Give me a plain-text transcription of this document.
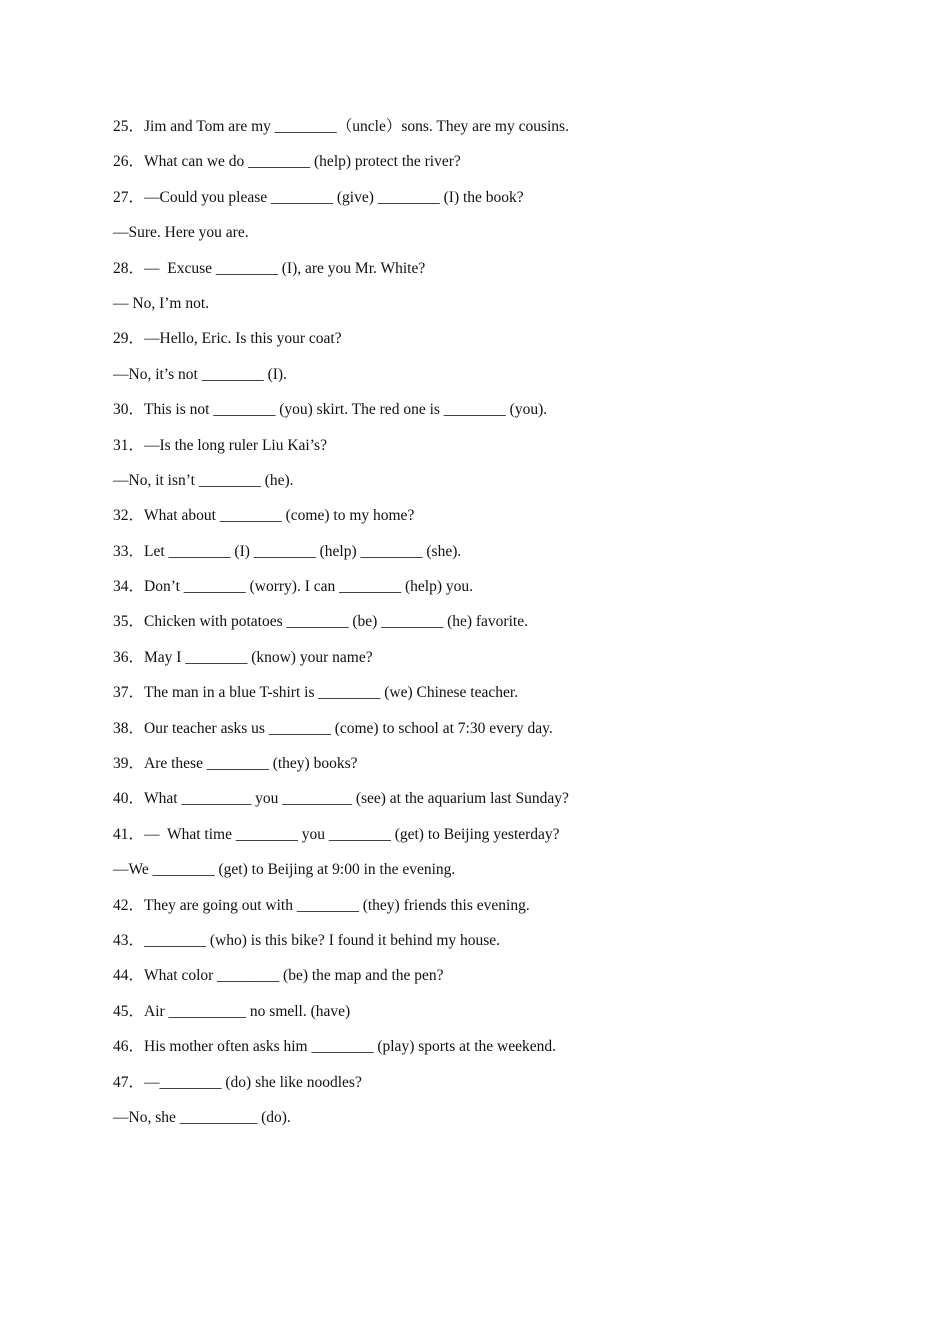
25．Jim and Tom are my ________（uncle）sons. They are my cousins.
26．What can we do ________ (help) protect the river?
27．—Could you please ________ (give) ________ (I) the book?
—Sure. Here you are.
28．—  Excuse ________ (I), are you Mr. White?
— No, I’m not.
29．—Hello, Eric. Is this your coat?
—No, it’s not ________ (I).
30．This is not ________ (you) skirt. The red one is ________ (you).
31．—Is the long ruler Liu Kai’s?
—No, it isn’t ________ (he).
32．What about ________ (come) to my home?
33．Let ________ (I) ________ (help) ________ (she).
34．Don’t ________ (worry). I can ________ (help) you.
35．Chicken with potatoes ________ (be) ________ (he) favorite.
36．May I ________ (know) your name?
37．The man in a blue T-shirt is ________ (we) Chinese teacher.
38．Our teacher asks us ________ (come) to school at 7:30 every day.
39．Are these ________ (they) books?
40．What _________ you _________ (see) at the aquarium last Sunday?
41．—  What time ________ you ________ (get) to Beijing yesterday?
—We ________ (get) to Beijing at 9:00 in the evening.
42．They are going out with ________ (they) friends this evening.
43．________ (who) is this bike? I found it behind my house.
44．What color ________ (be) the map and the pen?
45．Air __________ no smell. (have)
46．His mother often asks him ________ (play) sports at the weekend.
47．—________ (do) she like noodles?
—No, she __________ (do).
